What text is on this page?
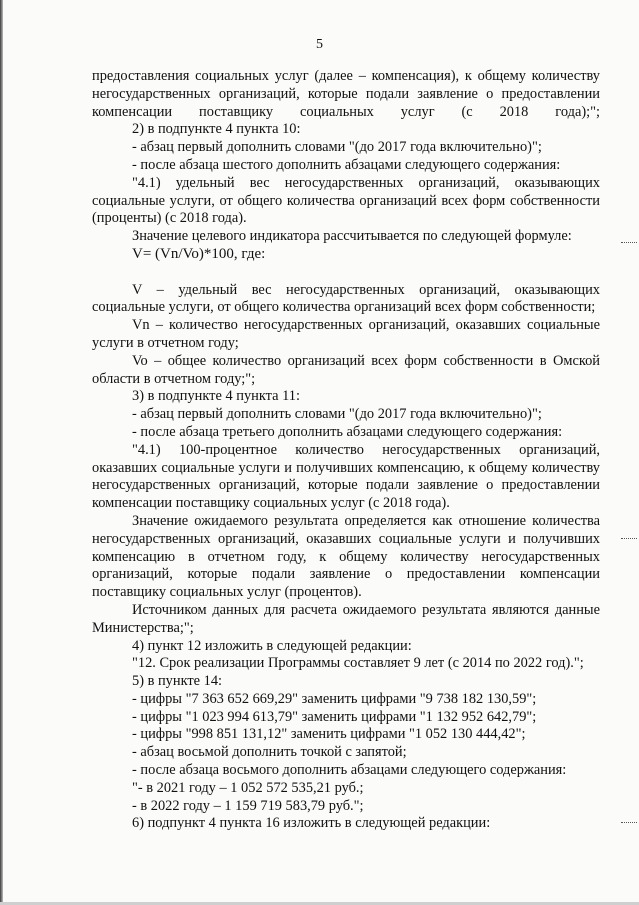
5

предоставления социальных услуг (далее – компенсация), к общему количеству негосударственных организаций, которые подали заявление о предоставлении компенсации поставщику социальных услуг (с 2018 года);";

2) в подпункте 4 пункта 10:

- абзац первый дополнить словами "(до 2017 года включительно)";

- после абзаца шестого дополнить абзацами следующего содержания:

"4.1) удельный вес негосударственных организаций, оказывающих социальные услуги, от общего количества организаций всех форм собственности (проценты) (с 2018 года).

Значение целевого индикатора рассчитывается по следующей формуле:

V= (Vn/Vo)*100, где:

V – удельный вес негосударственных организаций, оказывающих социальные услуги, от общего количества организаций всех форм собственности;

Vn – количество негосударственных организаций, оказавших социальные услуги в отчетном году;

Vo – общее количество организаций всех форм собственности в Омской области в отчетном году;";

3) в подпункте 4 пункта 11:

- абзац первый дополнить словами "(до 2017 года включительно)";

- после абзаца третьего дополнить абзацами следующего содержания:

"4.1) 100-процентное количество негосударственных организаций, оказавших социальные услуги и получивших компенсацию, к общему количеству негосударственных организаций, которые подали заявление о предоставлении компенсации поставщику социальных услуг (с 2018 года).

Значение ожидаемого результата определяется как отношение количества негосударственных организаций, оказавших социальные услуги и получивших компенсацию в отчетном году, к общему количеству негосударственных организаций, которые подали заявление о предоставлении компенсации поставщику социальных услуг (процентов).

Источником данных для расчета ожидаемого результата являются данные Министерства;";

4) пункт 12 изложить в следующей редакции:

"12. Срок реализации Программы составляет 9 лет (с 2014 по 2022 год).";

5) в пункте 14:

- цифры "7 363 652 669,29" заменить цифрами "9 738 182 130,59";

- цифры "1 023 994 613,79" заменить цифрами "1 132 952 642,79";

- цифры "998 851 131,12" заменить цифрами "1 052 130 444,42";

- абзац восьмой дополнить точкой с запятой;

- после абзаца восьмого дополнить абзацами следующего содержания:

"- в 2021 году – 1 052 572 535,21 руб.;

- в 2022 году – 1 159 719 583,79 руб.";

6) подпункт 4 пункта 16 изложить в следующей редакции:
